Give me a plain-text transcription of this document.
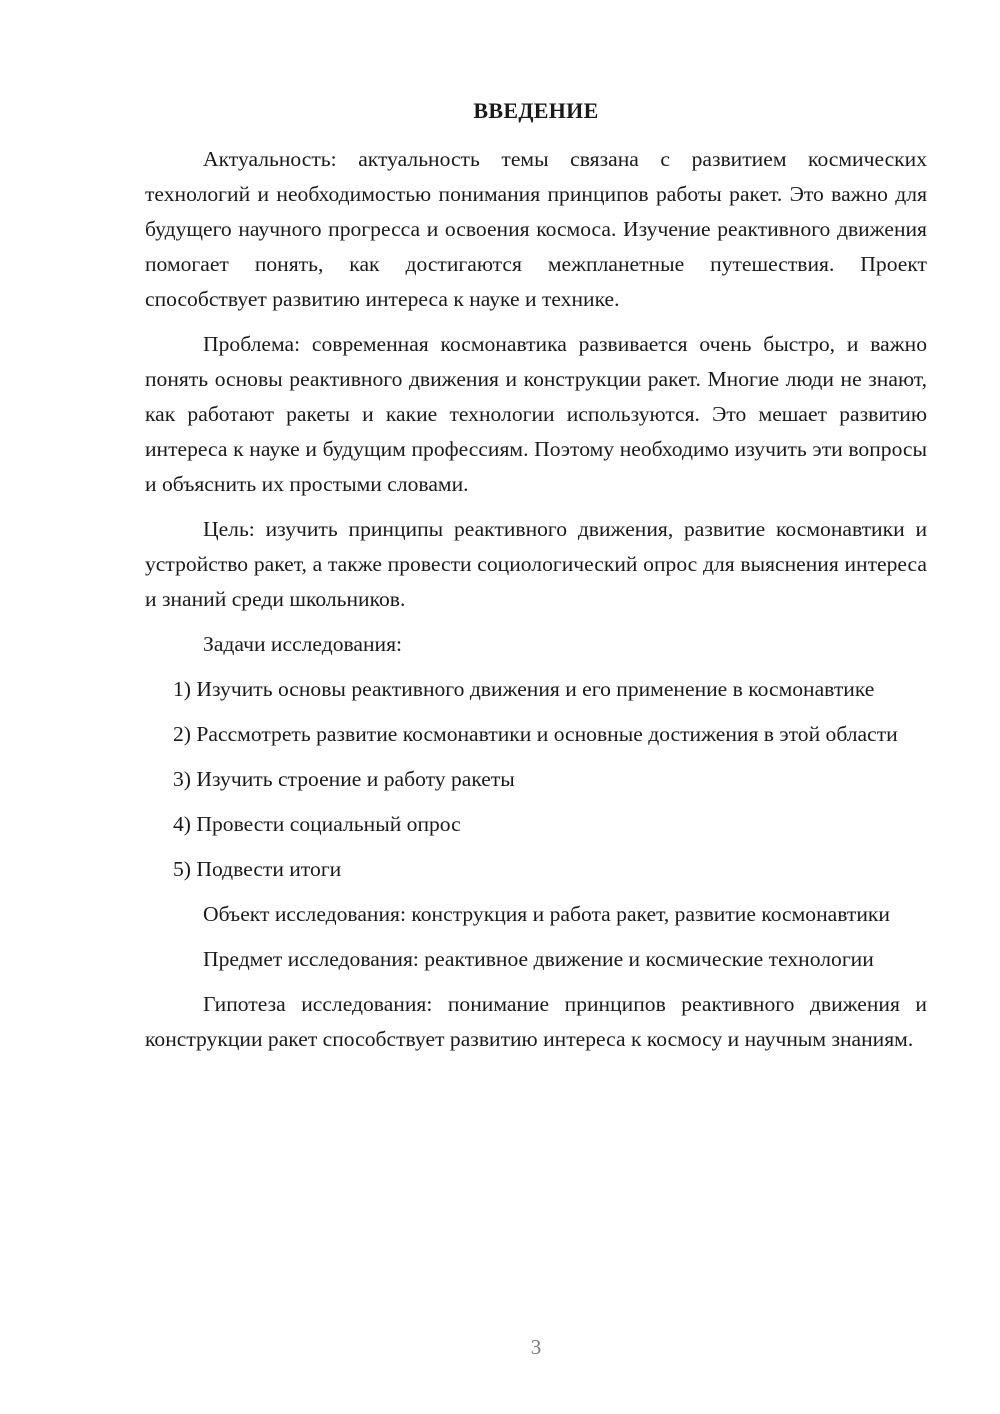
ВВЕДЕНИЕ

Актуальность: актуальность темы связана с развитием космических технологий и необходимостью понимания принципов работы ракет. Это важно для будущего научного прогресса и освоения космоса. Изучение реактивного движения помогает понять, как достигаются межпланетные путешествия. Проект способствует развитию интереса к науке и технике.

Проблема: современная космонавтика развивается очень быстро, и важно понять основы реактивного движения и конструкции ракет. Многие люди не знают, как работают ракеты и какие технологии используются. Это мешает развитию интереса к науке и будущим профессиям. Поэтому необходимо изучить эти вопросы и объяснить их простыми словами.

Цель: изучить принципы реактивного движения, развитие космонавтики и устройство ракет, а также провести социологический опрос для выяснения интереса и знаний среди школьников.

Задачи исследования:

1) Изучить основы реактивного движения и его применение в космонавтике

2) Рассмотреть развитие космонавтики и основные достижения в этой области

3) Изучить строение и работу ракеты

4) Провести социальный опрос

5) Подвести итоги

Объект исследования: конструкция и работа ракет, развитие космонавтики

Предмет исследования: реактивное движение и космические технологии

Гипотеза исследования: понимание принципов реактивного движения и конструкции ракет способствует развитию интереса к космосу и научным знаниям.

3
